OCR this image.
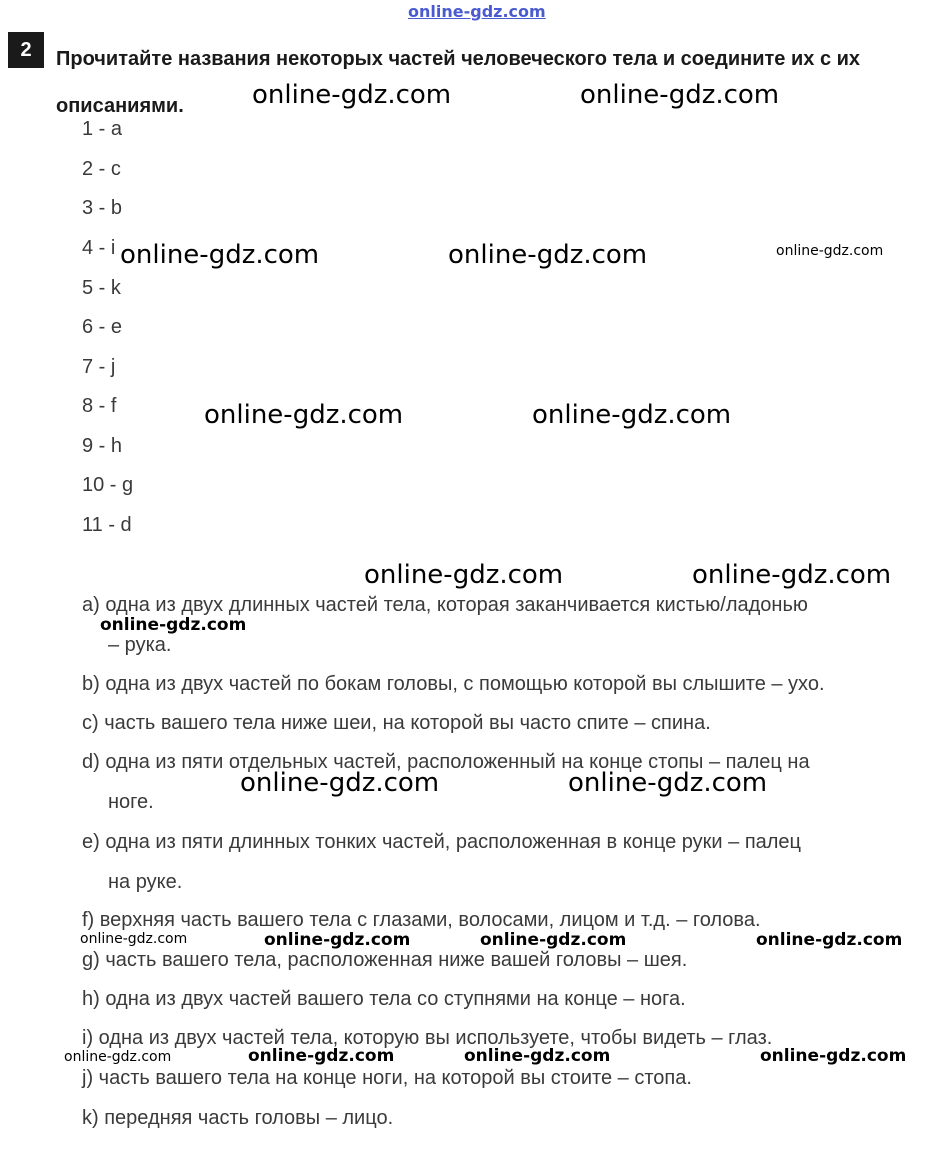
online-gdz.com
2	Прочитайте названия некоторых частей человеческого тела и соедините их с их описаниями.
1 - a
2 - c
3 - b
4 - i
5 - k
6 - e
7 - j
8 - f
9 - h
10 - g
11 - d
a) одна из двух длинных частей тела, которая заканчивается кистью/ладонью
– рука.
b) одна из двух частей по бокам головы, с помощью которой вы слышите – ухо.
c) часть вашего тела ниже шеи, на которой вы часто спите – спина.
d) одна из пяти отдельных частей, расположенный на конце стопы – палец на
ноге.
e) одна из пяти длинных тонких частей, расположенная в конце руки – палец
на руке.
f) верхняя часть вашего тела с глазами, волосами, лицом и т.д. – голова.
g) часть вашего тела, расположенная ниже вашей головы – шея.
h) одна из двух частей вашего тела со ступнями на конце – нога.
i) одна из двух частей тела, которую вы используете, чтобы видеть – глаз.
j) часть вашего тела на конце ноги, на которой вы стоите – стопа.
k) передняя часть головы – лицо.
online-gdz.com	online-gdz.com
online-gdz.com	online-gdz.com	online-gdz.com
online-gdz.com	online-gdz.com
online-gdz.com	online-gdz.com
online-gdz.com
online-gdz.com	online-gdz.com
online-gdz.com	online-gdz.com	online-gdz.com	online-gdz.com
online-gdz.com	online-gdz.com	online-gdz.com	online-gdz.com
